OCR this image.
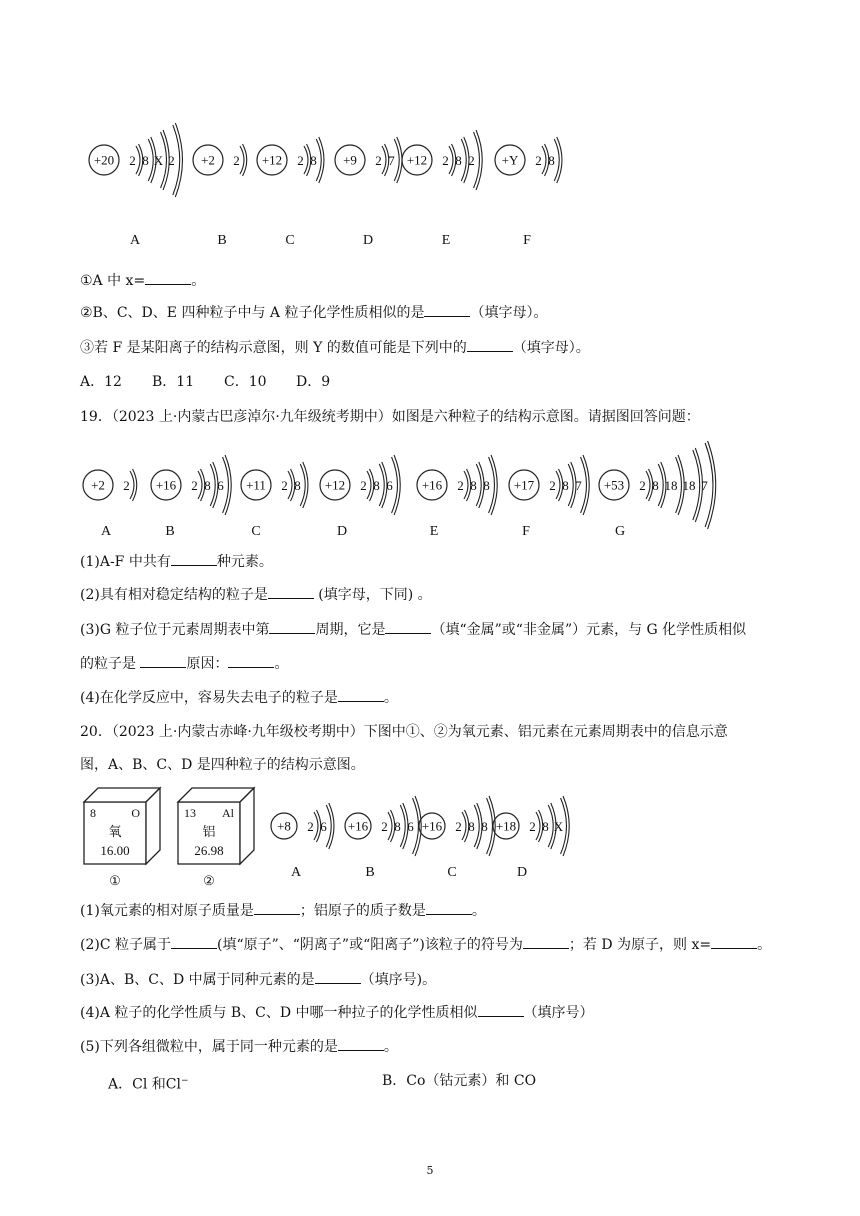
+20 2 8 X 2
A
+2 2
B
+12 2 8
C
+9 2 7
D
+12 2 8 2
E
+Y 2 8
F
①A 中 x=	。
②B、C、D、E 四种粒子中与 A 粒子化学性质相似的是	（填字母）。
③若 F 是某阳离子的结构示意图，则 Y 的数值可能是下列中的	（填字母）。
A．12 B．11 C．10 D．9
19．（2023 上·内蒙古巴彦淖尔·九年级统考期中）如图是六种粒子的结构示意图。请据图回答问题：
+2 2
A
+16 2 8 6
B
+11 2 8
C
+12 2 8 6
D
+16 2 8 8
E
+17 2 8 7
F
+53 2 8 18 18 7
G
(1)A-F 中共有	种元素。
(2)具有相对稳定结构的粒子是	(填字母，下同) 。
(3)G 粒子位于元素周期表中第	周期，它是	（填“金属”或“非金属”）元素，与 G 化学性质相似
的粒子是	原因：	。
(4)在化学反应中，容易失去电子的粒子是	。
20．（2023 上·内蒙古赤峰·九年级校考期中）下图中①、②为氧元素、铝元素在元素周期表中的信息示意
图，A、B、C、D 是四种粒子的结构示意图。
8	O
氧
16.00
①
13 Al
铝
26.98
②
+8 2 6
A
+16 2 8 6
B
+16 2 8 8
C
+18 2 8 X
D
(1)氧元素的相对原子质量是	；铝原子的质子数是	。
(2)C 粒子属于	(填“原子”、“阴离子”或“阳离子”)该粒子的符号为	；若 D 为原子，则 x=	。
(3)A、B、C、D 中属于同种元素的是	（填序号)。
(4)A 粒子的化学性质与 B、C、D 中哪一种拉子的化学性质相似	（填序号）
(5)下列各组微粒中，属于同一种元素的是	。
A．Cl 和Cl−	B．Co（钴元素）和 CO
5
